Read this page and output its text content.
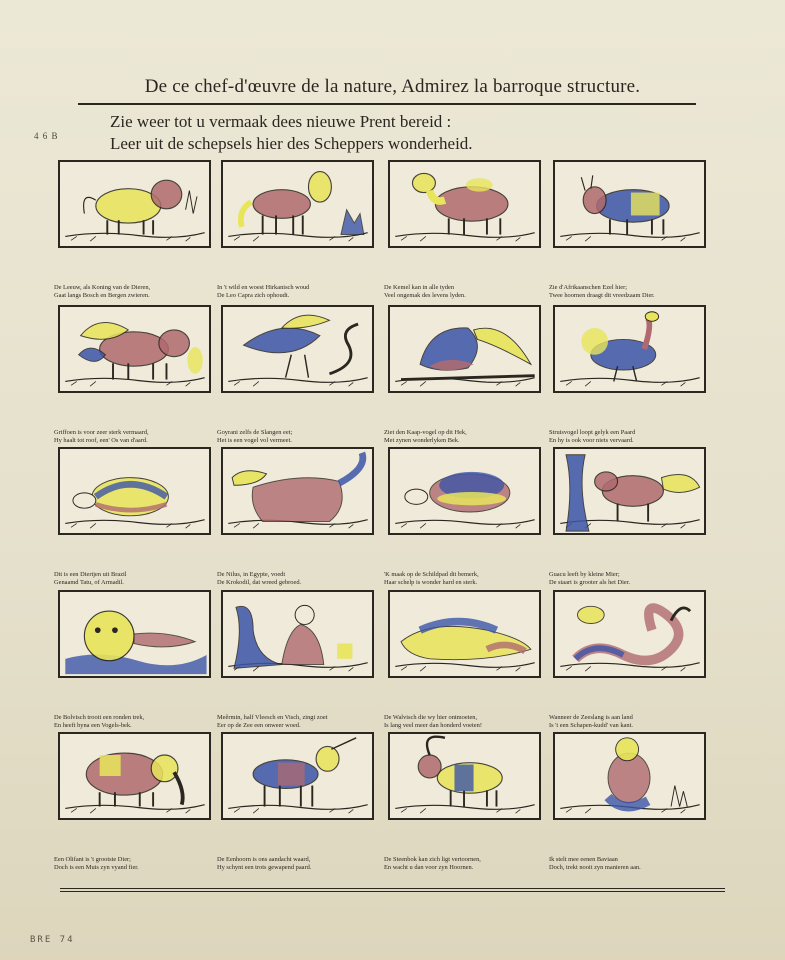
De ce chef-d'œuvre de la nature, Admirez la barroque structure.
4 6 B
Zie weer tot u vermaak dees nieuwe Prent bereid :
Leer uit de schepsels hier des Scheppers wonderheid.
De Leeuw, als Koning van de Dieren,
Gaat langs Bosch en Bergen zwieren.
In 't wild en woest Hirkanisch woud
De Leo Capra zich ophoudt.
De Kemel kan in alle tyden
Veel ongemak des levens lyden.
Zie d'Afrikaanschen Ezel hier;
Twee hoornen draagt dit vreedzaam Dier.
Griffoen is voor zeer sterk vermaard,
Hy haalt tot roof, een' Os van d'aard.
Goyrani zelfs de Slangen eet;
Het is een vogel vol vermeet.
Ziet den Kaap-vogel op dit Hek,
Met zynen wonderlyken Bek.
Struisvogel loopt gelyk een Paard
En hy is ook voor niets vervaard.
Dit is een Diertjen uit Brazil
Genaamd Tatu, of Armadil.
De Nilus, in Egypte, voedt
De Krokodil, dat wreed gebroed.
'K maak op de Schildpad dit bemerk,
Haar schelp is wonder hard en sterk.
Guacu leeft by kleine Mier;
De staart is grooter als het Dier.
De Bolvisch trooit een ronden trek,
En heeft byna een Vogels-bek.
Meêrmin, half Vleesch en Visch, zingt zoet
Eer op de Zee een onweer woed.
De Walvisch die wy hier ontmoeten,
Is lang veel meer dan honderd voeten!
Wanneer de Zeeslang is aan land
Is 't een Schapen-kudd' van kant.
Een Olifant is 't grootste Dier;
Doch is een Muis zyn vyand fier.
De Eenhoorn is ons aandacht waard,
Hy schynt een trots gewapend paard.
De Steenbok kan zich ligt vertoornen,
En wacht u dan voor zyn Hoornen.
Ik stelt mee eenen Baviaan
Doch, trekt nooit zyn manieren aan.
BRE 74
